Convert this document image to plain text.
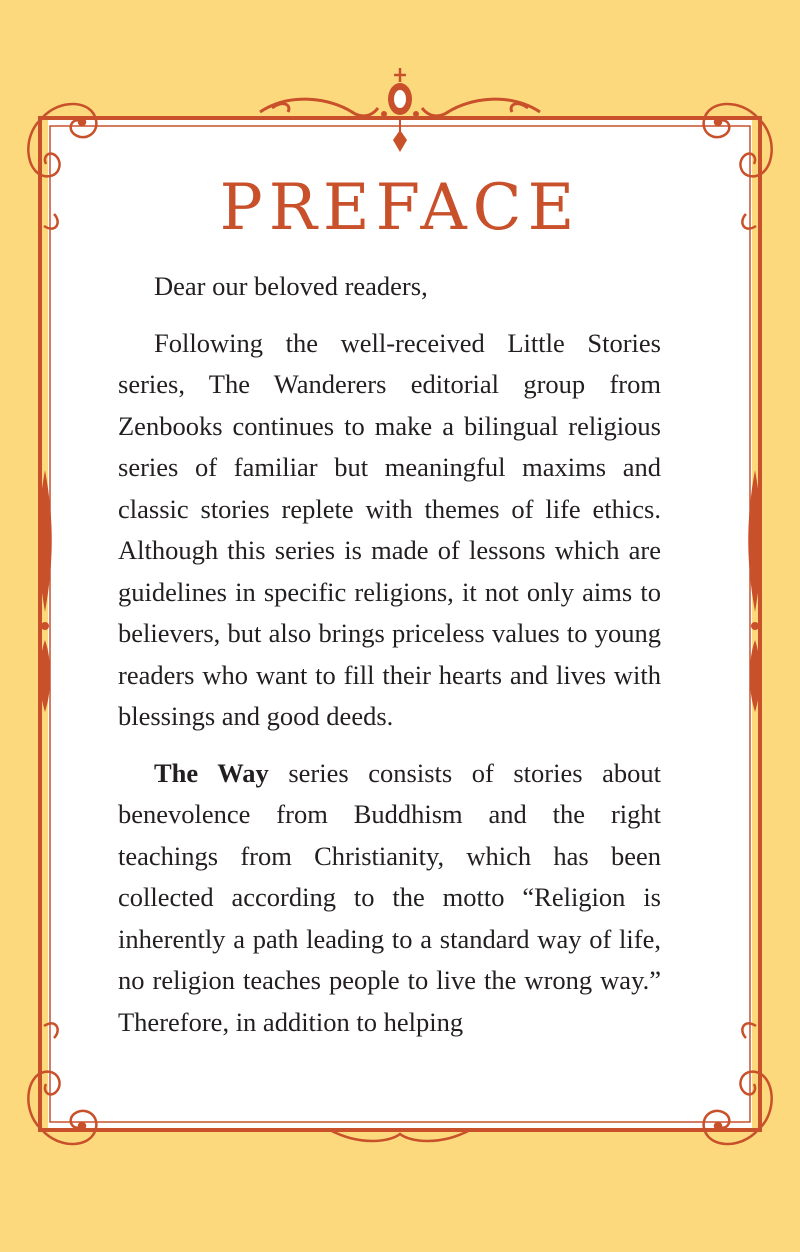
PREFACE

Dear our beloved readers,

Following the well-received Little Stories series, The Wanderers editorial group from Zenbooks continues to make a bilingual religious series of familiar but meaningful maxims and classic stories replete with themes of life ethics. Although this series is made of lessons which are guidelines in specific religions, it not only aims to believers, but also brings priceless values to young readers who want to fill their hearts and lives with blessings and good deeds.

The Way series consists of stories about benevolence from Buddhism and the right teachings from Christianity, which has been collected according to the motto “Religion is inherently a path leading to a standard way of life, no religion teaches people to live the wrong way.” Therefore, in addition to helping
